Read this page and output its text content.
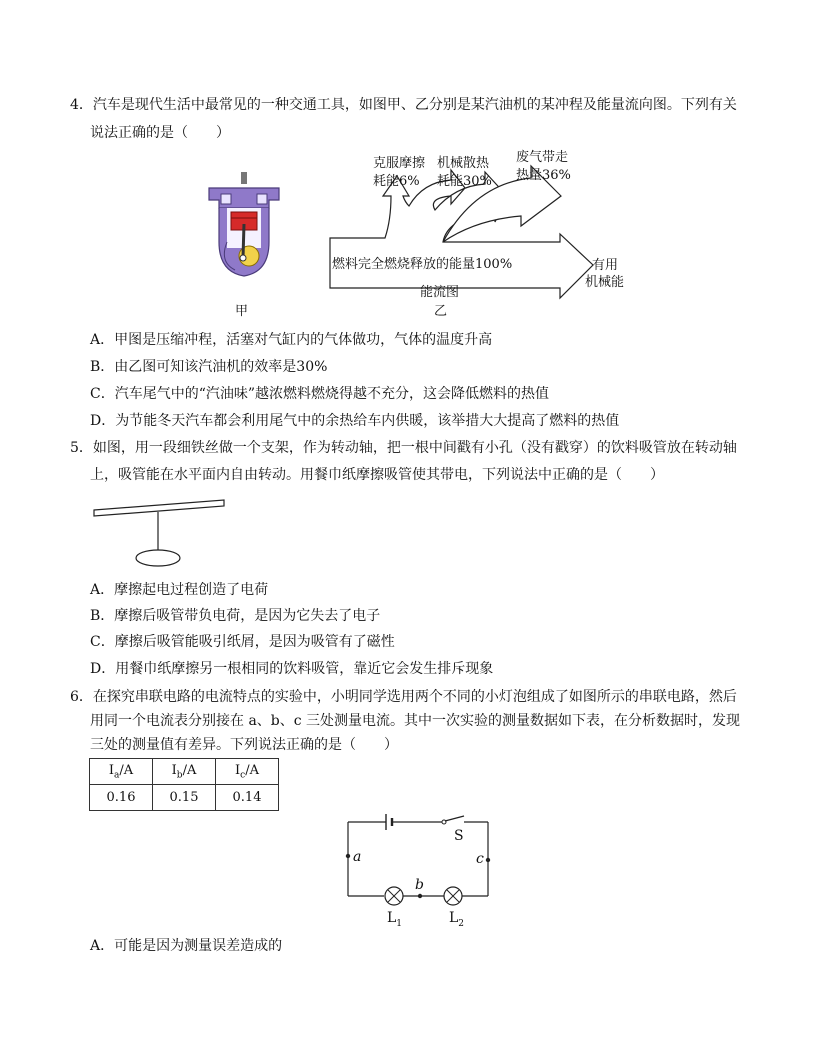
4．汽车是现代生活中最常见的一种交通工具，如图甲、乙分别是某汽油机的某冲程及能量流向图。下列有关
说法正确的是（　　）
甲
克服摩擦
耗能6%
机械散热
耗能30%
废气带走
热量36%
燃料完全燃烧释放的能量100%	有用
机械能
能流图
乙
A．甲图是压缩冲程，活塞对气缸内的气体做功，气体的温度升高
B．由乙图可知该汽油机的效率是30%
C．汽车尾气中的“汽油味”越浓燃料燃烧得越不充分，这会降低燃料的热值
D．为节能冬天汽车都会利用尾气中的余热给车内供暖，该举措大大提高了燃料的热值
5．如图，用一段细铁丝做一个支架，作为转动轴，把一根中间戳有小孔（没有戳穿）的饮料吸管放在转动轴
上，吸管能在水平面内自由转动。用餐巾纸摩擦吸管使其带电，下列说法中正确的是（　　）
A．摩擦起电过程创造了电荷
B．摩擦后吸管带负电荷，是因为它失去了电子
C．摩擦后吸管能吸引纸屑，是因为吸管有了磁性
D．用餐巾纸摩擦另一根相同的饮料吸管，靠近它会发生排斥现象
6．在探究串联电路的电流特点的实验中，小明同学选用两个不同的小灯泡组成了如图所示的串联电路，然后
用同一个电流表分别接在 a、b、c 三处测量电流。其中一次实验的测量数据如下表，在分析数据时，发现
三处的测量值有差异。下列说法正确的是（　　）
$I_a/A$	$I_b/A$	$I_c/A$
0.16	0.15	0.14
S
a
b
c
$L_1$	$L_2$
A．可能是因为测量误差造成的
